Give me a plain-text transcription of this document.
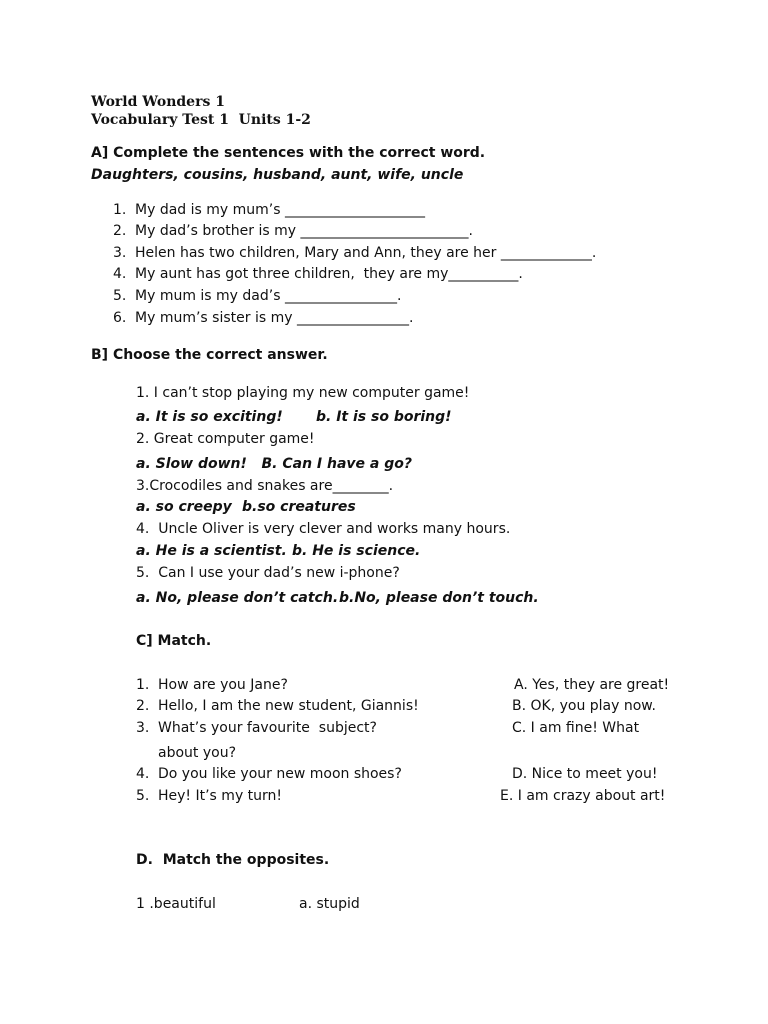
World Wonders 1
Vocabulary Test 1  Units 1-2
A] Complete the sentences with the correct word.
Daughters, cousins, husband, aunt, wife, uncle
1. My dad is my mum’s ____________________
2. My dad’s brother is my ________________________.
3. Helen has two children, Mary and Ann, they are her _____________.
4. My aunt has got three children,  they are my__________.
5. My mum is my dad’s ________________.
6. My mum’s sister is my ________________.
B] Choose the correct answer.
1. I can’t stop playing my new computer game!
a. It is so exciting! b. It is so boring!
2. Great computer game!
a. Slow down!   B. Can I have a go?
3.Crocodiles and snakes are________.
a. so creepy b.so creatures
4.  Uncle Oliver is very clever and works many hours.
a. He is a scientist. b. He is science.
5.  Can I use your dad’s new i-phone?
a. No, please don’t catch. b.No, please don’t touch.
C] Match.
1. How are you Jane?
2. Hello, I am the new student, Giannis!
3. What’s your favourite  subject?
about you?
4. Do you like your new moon shoes?
5. Hey! It’s my turn!
A. Yes, they are great!
B. OK, you play now.
C. I am fine! What
D. Nice to meet you!
E. I am crazy about art!
D.  Match the opposites.
1 .beautiful	a. stupid
